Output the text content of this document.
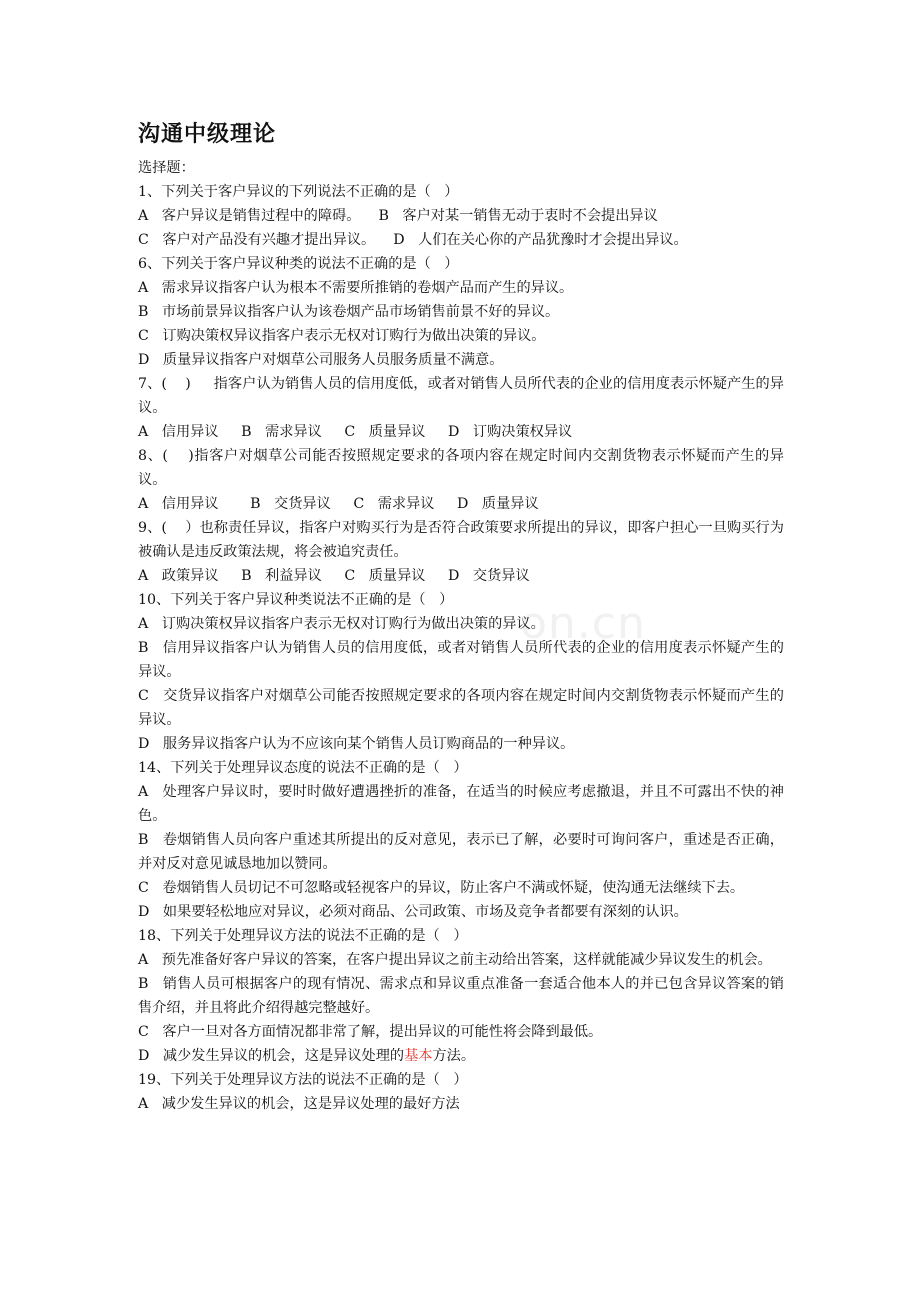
on.cn
沟通中级理论
选择题：
1、下列关于客户异议的下列说法不正确的是（   ）
A   客户异议是销售过程中的障碍。    B   客户对某一销售无动于衷时不会提出异议
C   客户对产品没有兴趣才提出异议。    D   人们在关心你的产品犹豫时才会提出异议。
6、下列关于客户异议种类的说法不正确的是（   ）
A   需求异议指客户认为根本不需要所推销的卷烟产品而产生的异议。
B   市场前景异议指客户认为该卷烟产品市场销售前景不好的异议。
C   订购决策权异议指客户表示无权对订购行为做出决策的异议。
D   质量异议指客户对烟草公司服务人员服务质量不满意。
7、(    )     指客户认为销售人员的信用度低，或者对销售人员所代表的企业的信用度表示怀疑产生的异议。
A   信用异议     B   需求异议     C   质量异议     D   订购决策权异议
8、(    )指客户对烟草公司能否按照规定要求的各项内容在规定时间内交割货物表示怀疑而产生的异议。
A   信用异议       B   交货异议     C   需求异议     D   质量异议
9、(    ）也称责任异议，指客户对购买行为是否符合政策要求所提出的异议，即客户担心一旦购买行为被确认是违反政策法规，将会被追究责任。
A   政策异议     B   利益异议     C   质量异议     D   交货异议
10、下列关于客户异议种类说法不正确的是（   ）
A   订购决策权异议指客户表示无权对订购行为做出决策的异议。
B   信用异议指客户认为销售人员的信用度低，或者对销售人员所代表的企业的信用度表示怀疑产生的异议。
C   交货异议指客户对烟草公司能否按照规定要求的各项内容在规定时间内交割货物表示怀疑而产生的异议。
D   服务异议指客户认为不应该向某个销售人员订购商品的一种异议。
14、下列关于处理异议态度的说法不正确的是（   ）
A   处理客户异议时，要时时做好遭遇挫折的准备，在适当的时候应考虑撤退，并且不可露出不快的神色。
B   卷烟销售人员向客户重述其所提出的反对意见，表示已了解，必要时可询问客户，重述是否正确，并对反对意见诚恳地加以赞同。
C   卷烟销售人员切记不可忽略或轻视客户的异议，防止客户不满或怀疑，使沟通无法继续下去。
D   如果要轻松地应对异议，必须对商品、公司政策、市场及竞争者都要有深刻的认识。
18、下列关于处理异议方法的说法不正确的是（   ）
A   预先准备好客户异议的答案，在客户提出异议之前主动给出答案，这样就能减少异议发生的机会。
B   销售人员可根据客户的现有情况、需求点和异议重点准备一套适合他本人的并已包含异议答案的销售介绍，并且将此介绍得越完整越好。
C   客户一旦对各方面情况都非常了解，提出异议的可能性将会降到最低。
D   减少发生异议的机会，这是异议处理的基本方法。
19、下列关于处理异议方法的说法不正确的是（   ）
A   减少发生异议的机会，这是异议处理的最好方法
